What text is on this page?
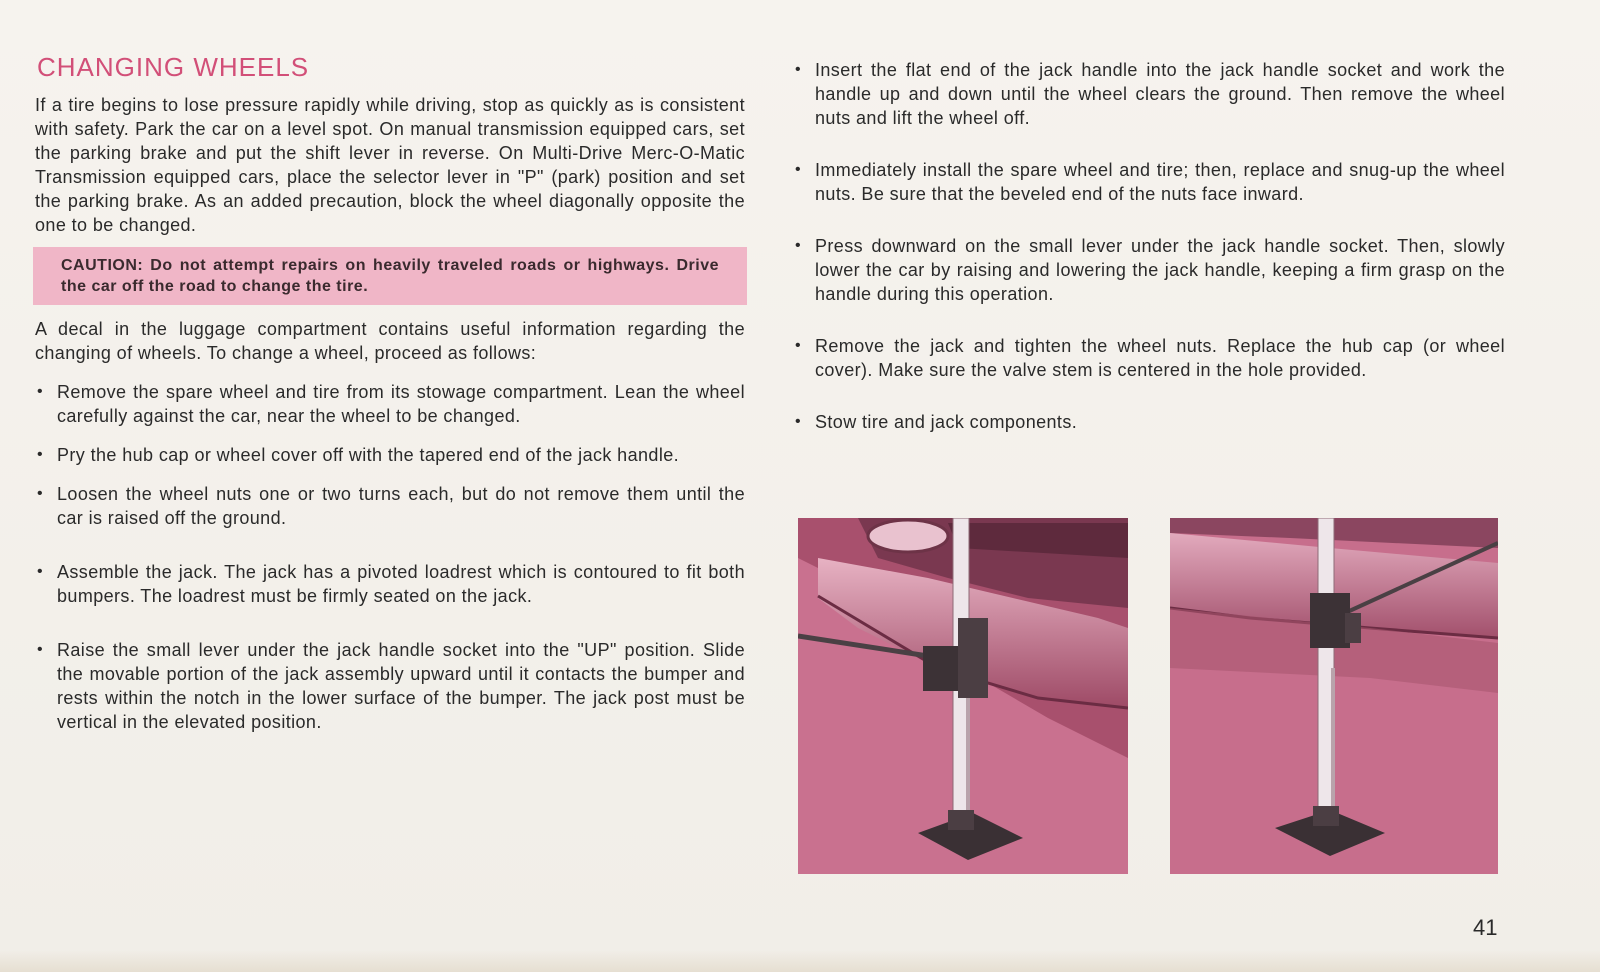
CHANGING WHEELS

If a tire begins to lose pressure rapidly while driving, stop as quickly as is consistent with safety. Park the car on a level spot. On manual transmission equipped cars, set the parking brake and put the shift lever in reverse. On Multi-Drive Merc-O-Matic Transmission equipped cars, place the selector lever in "P" (park) position and set the parking brake. As an added precaution, block the wheel diagonally opposite the one to be changed.

CAUTION: Do not attempt repairs on heavily traveled roads or highways. Drive the car off the road to change the tire.

A decal in the luggage compartment contains useful information regarding the changing of wheels. To change a wheel, proceed as follows:

• Remove the spare wheel and tire from its stowage compartment. Lean the wheel carefully against the car, near the wheel to be changed.
• Pry the hub cap or wheel cover off with the tapered end of the jack handle.
• Loosen the wheel nuts one or two turns each, but do not remove them until the car is raised off the ground.
• Assemble the jack. The jack has a pivoted loadrest which is contoured to fit both bumpers. The loadrest must be firmly seated on the jack.
• Raise the small lever under the jack handle socket into the "UP" position. Slide the movable portion of the jack assembly upward until it contacts the bumper and rests within the notch in the lower surface of the bumper. The jack post must be vertical in the elevated position.
• Insert the flat end of the jack handle into the jack handle socket and work the handle up and down until the wheel clears the ground. Then remove the wheel nuts and lift the wheel off.
• Immediately install the spare wheel and tire; then, replace and snug-up the wheel nuts. Be sure that the beveled end of the nuts face inward.
• Press downward on the small lever under the jack handle socket. Then, slowly lower the car by raising and lowering the jack handle, keeping a firm grasp on the handle during this operation.
• Remove the jack and tighten the wheel nuts. Replace the hub cap (or wheel cover). Make sure the valve stem is centered in the hole provided.
• Stow tire and jack components.
41
